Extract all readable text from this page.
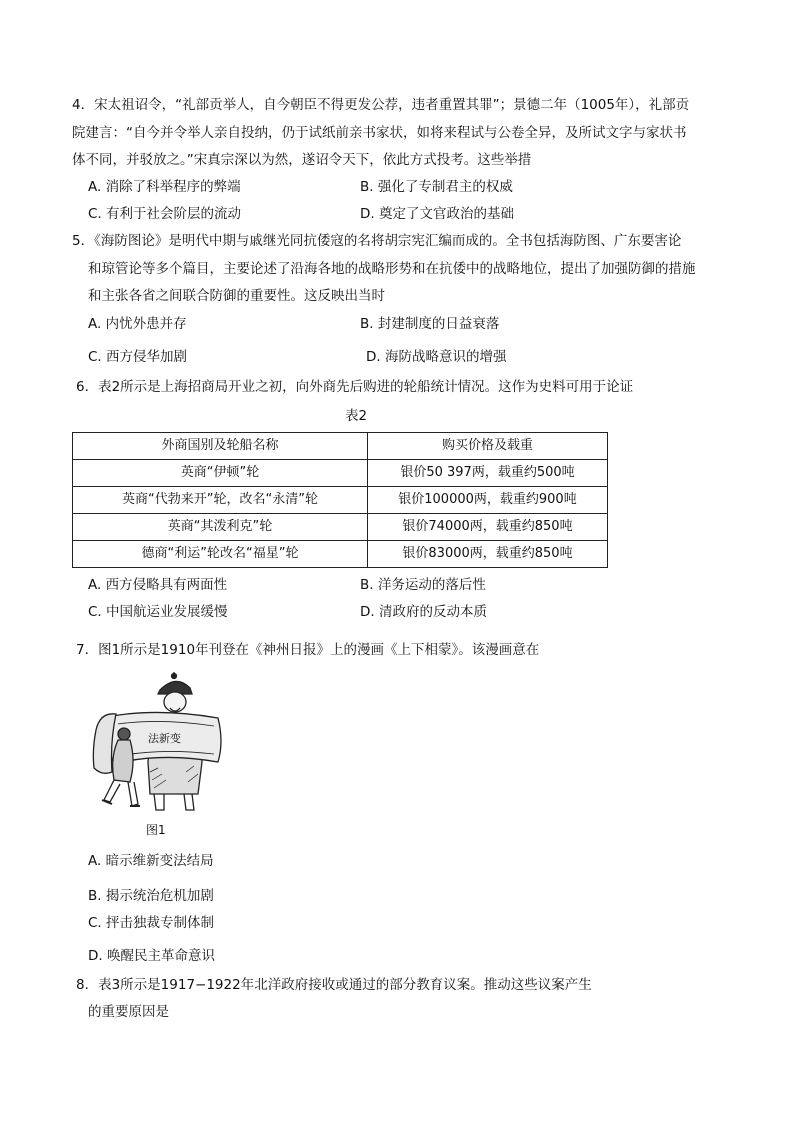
4．宋太祖诏令，“礼部贡举人，自今朝臣不得更发公荐，违者重置其罪”；景德二年（1005年），礼部贡
院建言：“自今并令举人亲自投纳，仍于试纸前亲书家状，如将来程试与公卷全异，及所试文字与家状书
体不同，并驳放之。”宋真宗深以为然，遂诏令天下，依此方式投考。这些举措
A. 消除了科举程序的弊端	B. 强化了专制君主的权威
C. 有利于社会阶层的流动	D. 奠定了文官政治的基础
5．《海防图论》是明代中期与戚继光同抗倭寇的名将胡宗宪汇编而成的。全书包括海防图、广东要害论
和琼管论等多个篇目，主要论述了沿海各地的战略形势和在抗倭中的战略地位，提出了加强防御的措施
和主张各省之间联合防御的重要性。这反映出当时
A. 内忧外患并存	B. 封建制度的日益衰落
C. 西方侵华加剧	D. 海防战略意识的增强
6．表2所示是上海招商局开业之初，向外商先后购进的轮船统计情况。这作为史料可用于论证
表2
外商国别及轮船名称	购买价格及载重
英商“伊顿”轮	银价50 397两，载重约500吨
英商“代勃来开”轮，改名“永清”轮	银价100000两，载重约900吨
英商“其泼利克”轮	银价74000两，载重约850吨
德商“利运”轮改名“福星”轮	银价83000两，载重约850吨
A. 西方侵略具有两面性	B. 洋务运动的落后性
C. 中国航运业发展缓慢	D. 清政府的反动本质
7．图1所示是1910年刊登在《神州日报》上的漫画《上下相蒙》。该漫画意在
法新变
图1
A. 暗示维新变法结局
B. 揭示统治危机加剧
C. 抨击独裁专制体制
D. 唤醒民主革命意识
8．表3所示是1917−1922年北洋政府接收或通过的部分教育议案。推动这些议案产生
的重要原因是
